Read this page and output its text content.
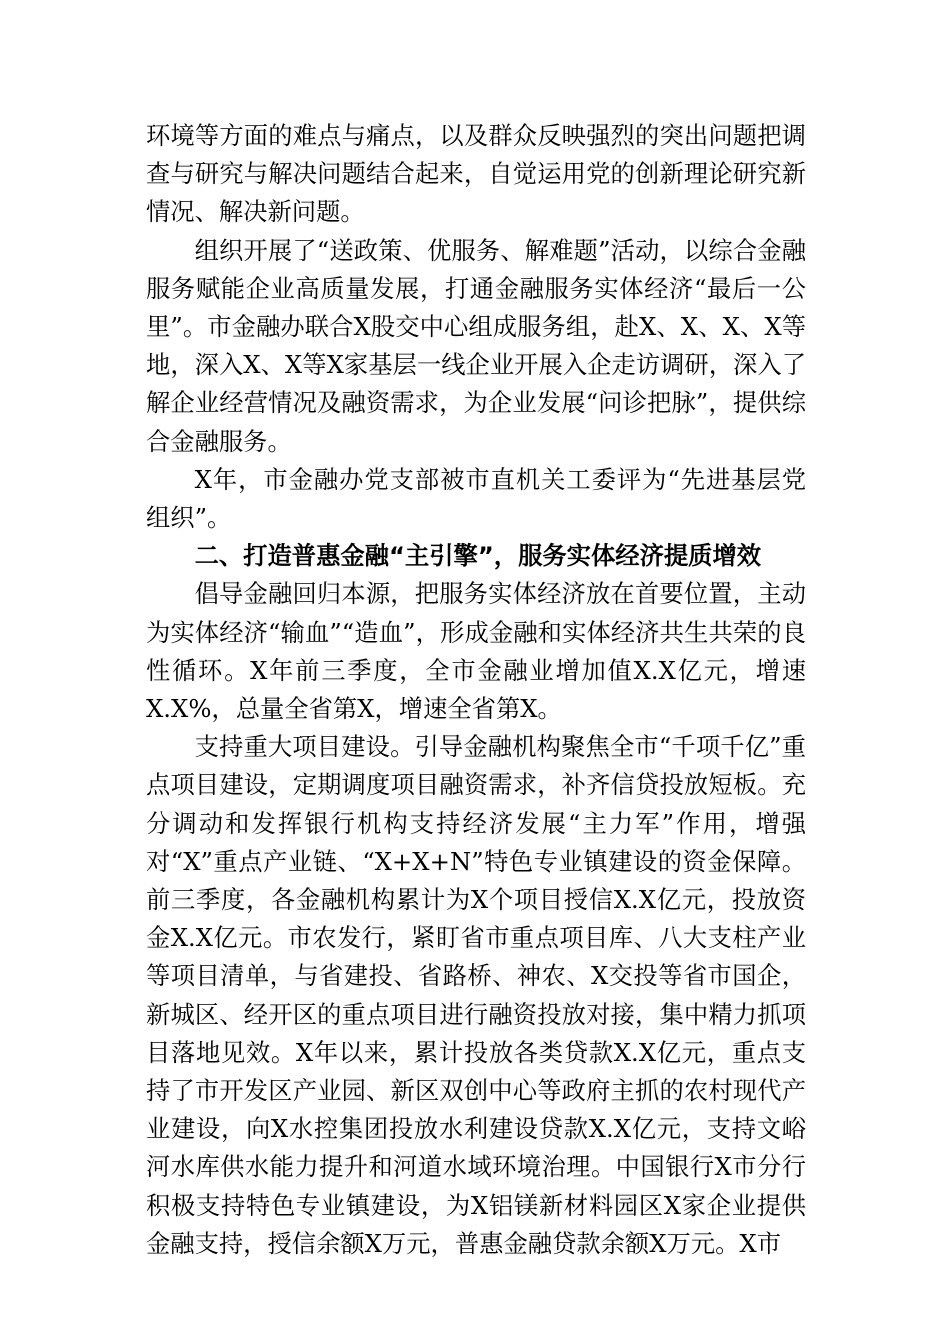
环境等方面的难点与痛点，以及群众反映强烈的突出问题把调查与研究与解决问题结合起来，自觉运用党的创新理论研究新情况、解决新问题。

组织开展了“送政策、优服务、解难题”活动，以综合金融服务赋能企业高质量发展，打通金融服务实体经济“最后一公里”。市金融办联合X股交中心组成服务组，赴X、X、X、X等地，深入X、X等X家基层一线企业开展入企走访调研，深入了解企业经营情况及融资需求，为企业发展“问诊把脉”，提供综合金融服务。

X年，市金融办党支部被市直机关工委评为“先进基层党组织”。

二、打造普惠金融“主引擎”，服务实体经济提质增效

倡导金融回归本源，把服务实体经济放在首要位置，主动为实体经济“输血”“造血”，形成金融和实体经济共生共荣的良性循环。X年前三季度，全市金融业增加值X.X亿元，增速X.X%，总量全省第X，增速全省第X。

支持重大项目建设。引导金融机构聚焦全市“千项千亿”重点项目建设，定期调度项目融资需求，补齐信贷投放短板。充分调动和发挥银行机构支持经济发展“主力军”作用，增强对“X”重点产业链、“X+X+N”特色专业镇建设的资金保障。前三季度，各金融机构累计为X个项目授信X.X亿元，投放资金X.X亿元。市农发行，紧盯省市重点项目库、八大支柱产业等项目清单，与省建投、省路桥、神农、X交投等省市国企，新城区、经开区的重点项目进行融资投放对接，集中精力抓项目落地见效。X年以来，累计投放各类贷款X.X亿元，重点支持了市开发区产业园、新区双创中心等政府主抓的农村现代产业建设，向X水控集团投放水利建设贷款X.X亿元，支持文峪河水库供水能力提升和河道水域环境治理。中国银行X市分行积极支持特色专业镇建设，为X铝镁新材料园区X家企业提供金融支持，授信余额X万元，普惠金融贷款余额X万元。X市
